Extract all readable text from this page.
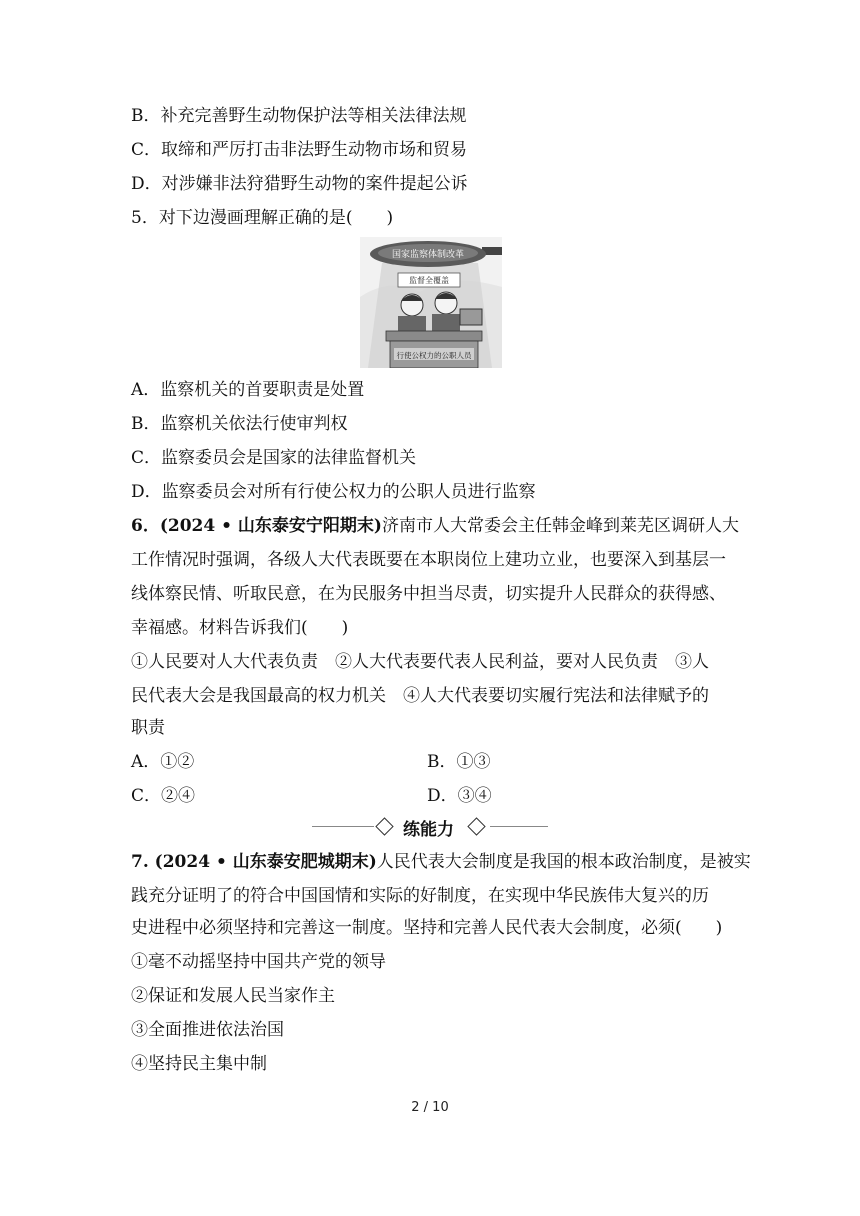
B．补充完善野生动物保护法等相关法律法规
C．取缔和严厉打击非法野生动物市场和贸易
D．对涉嫌非法狩猎野生动物的案件提起公诉
5．对下边漫画理解正确的是(　　)
国家监察体制改革
监督全覆盖
行使公权力的公职人员
A．监察机关的首要职责是处置
B．监察机关依法行使审判权
C．监察委员会是国家的法律监督机关
D．监察委员会对所有行使公权力的公职人员进行监察
6．(2024 • 山东泰安宁阳期末)济南市人大常委会主任韩金峰到莱芜区调研人大
工作情况时强调，各级人大代表既要在本职岗位上建功立业，也要深入到基层一
线体察民情、听取民意，在为民服务中担当尽责，切实提升人民群众的获得感、
幸福感。材料告诉我们(　　)
①人民要对人大代表负责　②人大代表要代表人民利益，要对人民负责　③人
民代表大会是我国最高的权力机关　④人大代表要切实履行宪法和法律赋予的
职责
A．①②	B．①③
C．②④	D．③④
练能力
7. (2024 • 山东泰安肥城期末)人民代表大会制度是我国的根本政治制度，是被实
践充分证明了的符合中国国情和实际的好制度，在实现中华民族伟大复兴的历
史进程中必须坚持和完善这一制度。坚持和完善人民代表大会制度，必须(　　)
①毫不动摇坚持中国共产党的领导
②保证和发展人民当家作主
③全面推进依法治国
④坚持民主集中制
2 / 10
